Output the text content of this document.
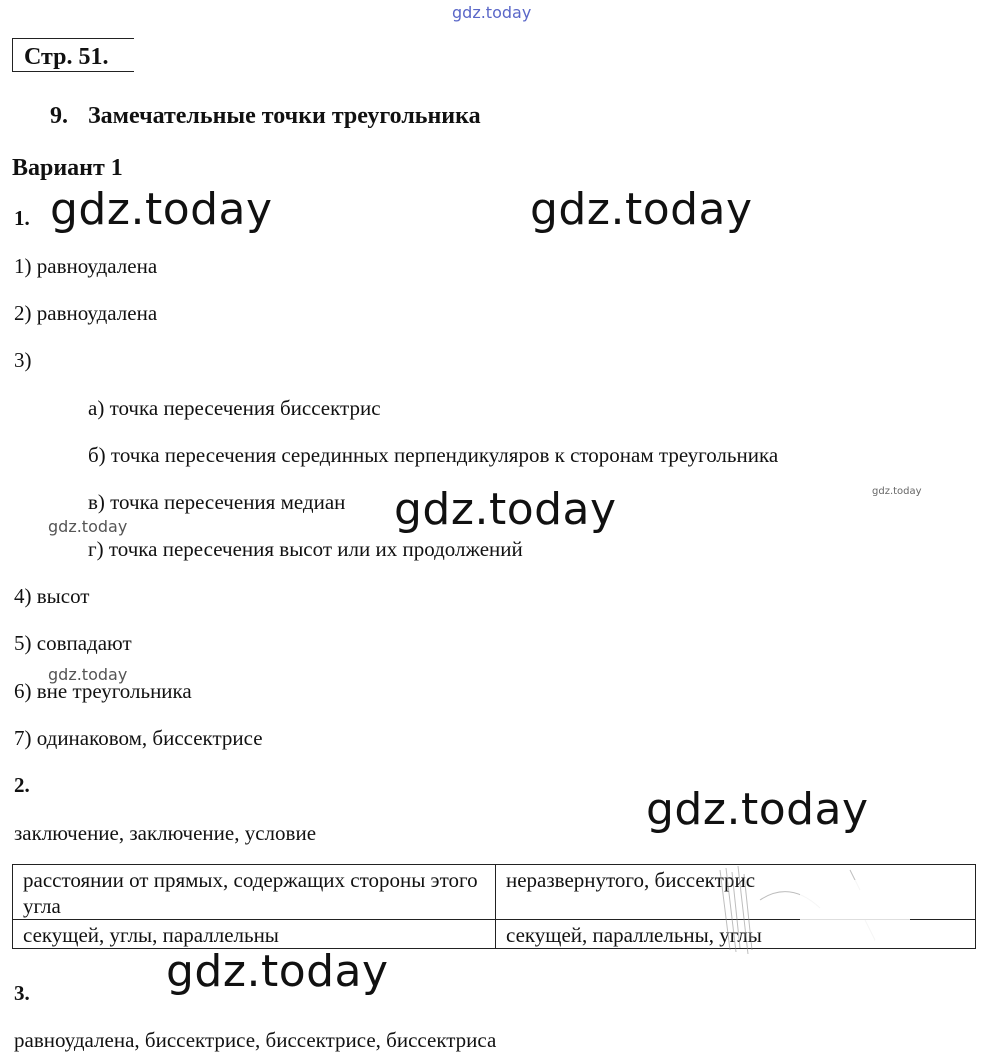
gdz.today
Стр. 51.
9. Замечательные точки треугольника
Вариант 1
1. gdz.today	gdz.today
1) равноудалена
2) равноудалена
3)
а) точка пересечения биссектрис
б) точка пересечения серединных перпендикуляров к сторонам треугольника
в) точка пересечения медиан gdz.today	gdz.today
gdz.today
г) точка пересечения высот или их продолжений
4) высот
5) совпадают
gdz.today
6) вне треугольника
7) одинаковом, биссектрисе
2.	gdz.today
заключение, заключение, условие
расстоянии от прямых, содержащих стороны этого угла	неразвернутого, биссектрис
секущей, углы, параллельны	секущей, параллельны, углы
gdz.today
3.
равноудалена, биссектрисе, биссектрисе, биссектриса
